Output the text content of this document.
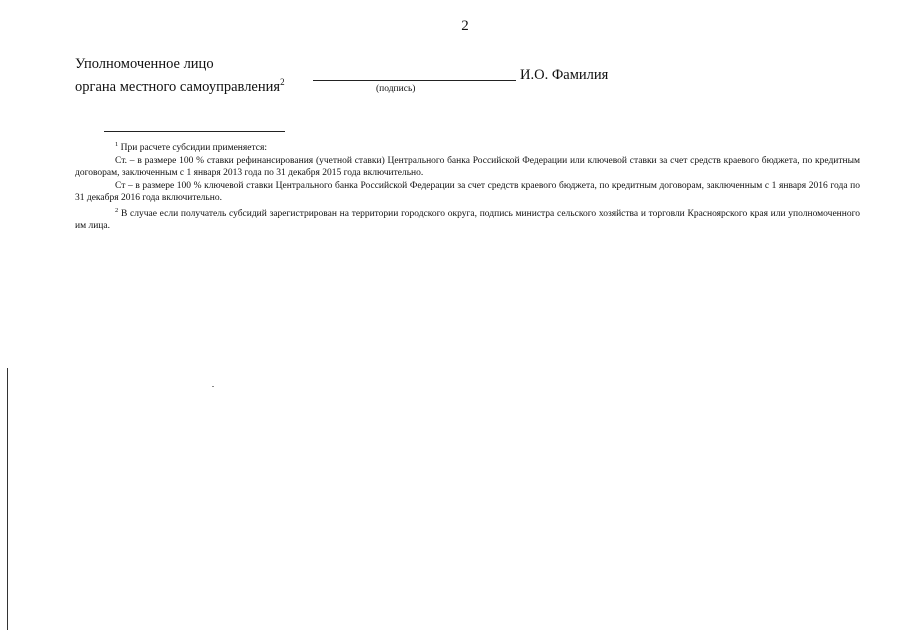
2
Уполномоченное лицо
органа местного самоуправления$^2$
(подпись)
И.О. Фамилия

$^1$ При расчете субсидии применяется:

Ст. – в размере 100 % ставки рефинансирования (учетной ставки) Центрального банка Российской Федерации или ключевой ставки за счет средств краевого бюджета, по кредитным договорам, заключенным с 1 января 2013 года по 31 декабря 2015 года включительно.

Ст – в размере 100 % ключевой ставки Центрального банка Российской Федерации за счет средств краевого бюджета, по кредитным договорам, заключенным с 1 января 2016 года по 31 декабря 2016 года включительно.

$^2$ В случае если получатель субсидий зарегистрирован на территории городского округа, подпись министра сельского хозяйства и торговли Красноярского края или уполномоченного им лица.
